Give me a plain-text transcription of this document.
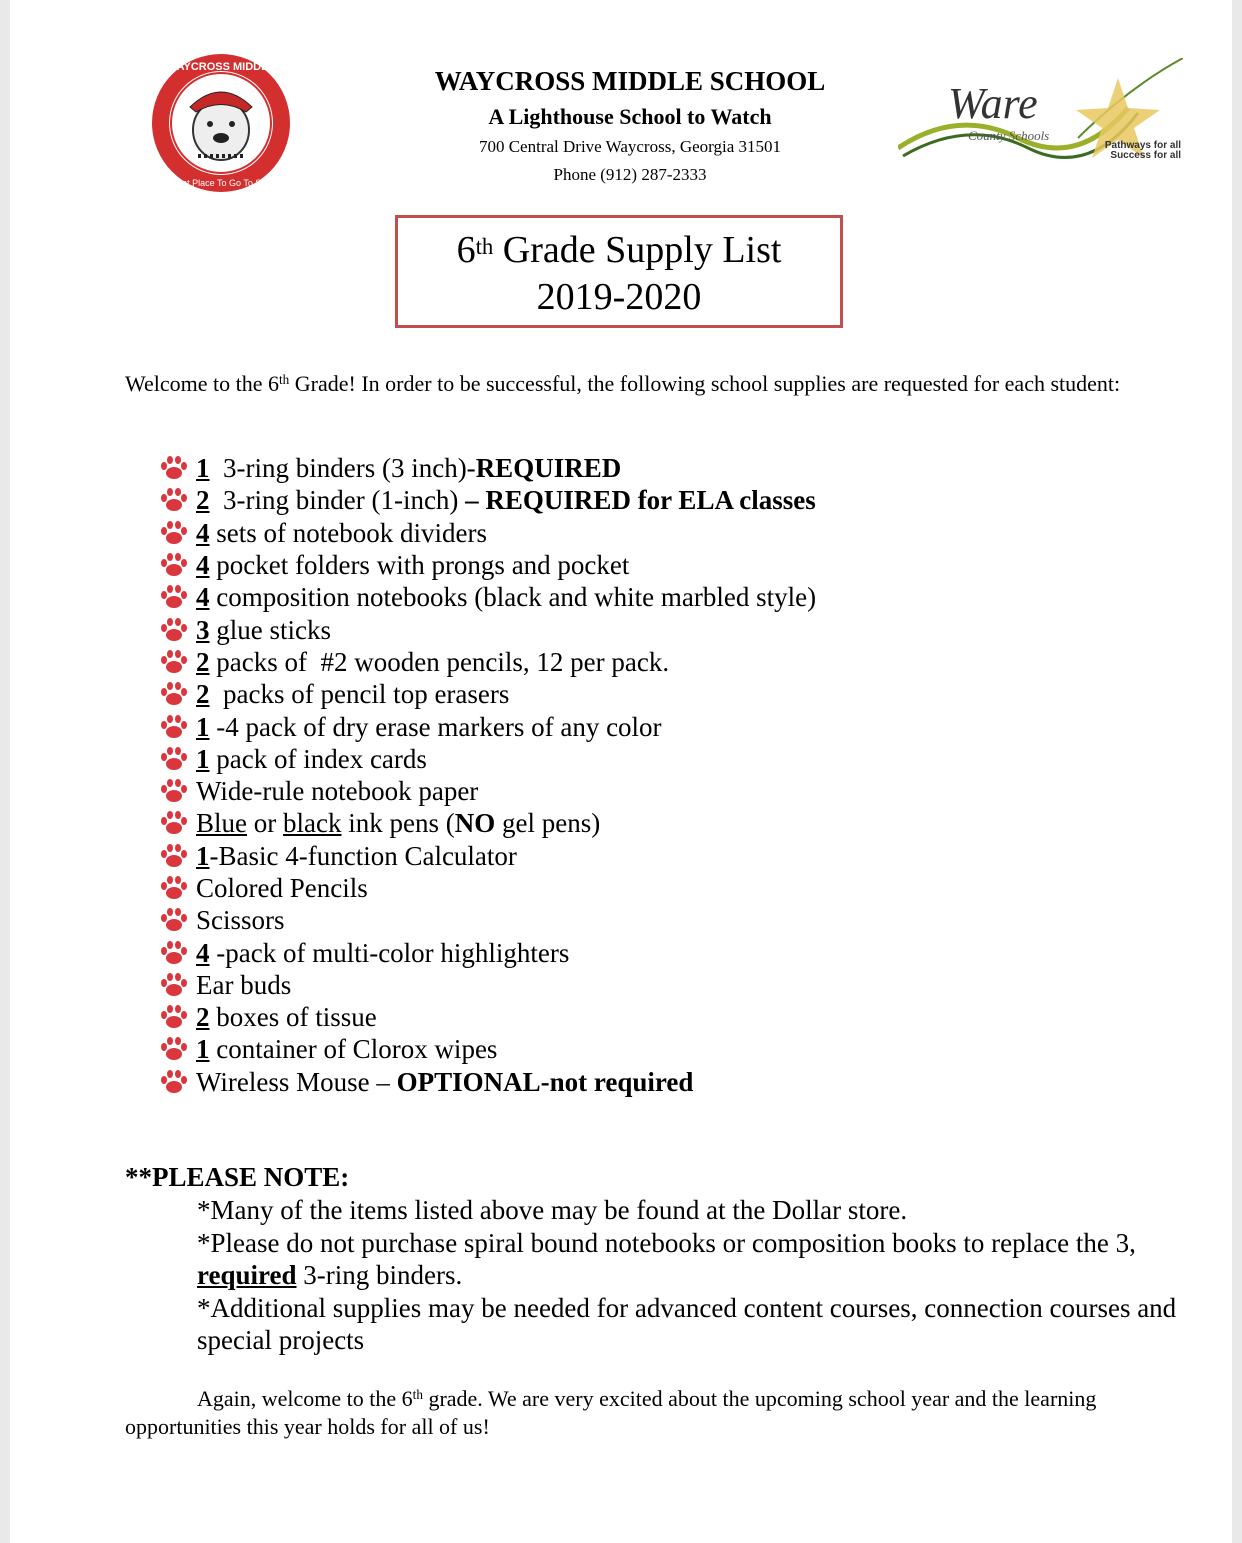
WAYCROSS MIDDLE
A Great Place To Go To School
WAYCROSS MIDDLE SCHOOL
A Lighthouse School to Watch
700 Central Drive Waycross, Georgia 31501
Phone (912) 287-2333
Ware
County Schools
Pathways for all
Success for all
6th Grade Supply List
2019-2020
Welcome to the 6th Grade! In order to be successful, the following school supplies are requested for each student:
1 3-ring binders (3 inch)- REQUIRED
2 3-ring binder (1-inch) – REQUIRED for ELA classes
4 sets of notebook dividers
4 pocket folders with prongs and pocket
4 composition notebooks (black and white marbled style)
3 glue sticks
2 packs of  #2 wooden pencils, 12 per pack.
2 packs of pencil top erasers
1 -4 pack of dry erase markers of any color
1 pack of index cards
Wide-rule notebook paper
Blue or black ink pens ( NO gel pens)
1 -Basic 4-function Calculator
Colored Pencils
Scissors
4 -pack of multi-color highlighters
Ear buds
2 boxes of tissue
1 container of Clorox wipes
Wireless Mouse – OPTIONAL-not required
**PLEASE NOTE:
*Many of the items listed above may be found at the Dollar store.
*Please do not purchase spiral bound notebooks or composition books to replace the 3, required 3-ring binders.
*Additional supplies may be needed for advanced content courses, connection courses and special projects
Again, welcome to the 6th grade. We are very excited about the upcoming school year and the learning opportunities this year holds for all of us!
